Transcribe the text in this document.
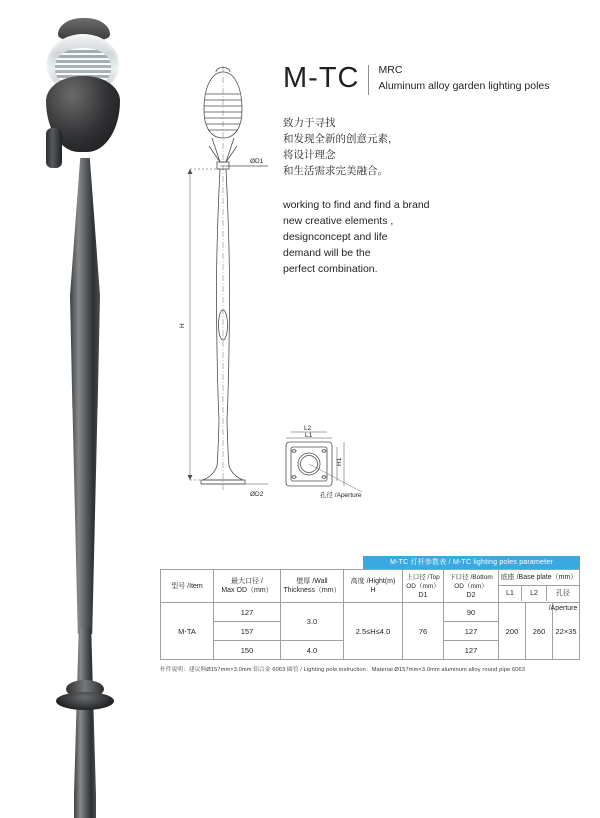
ØD1
ØD2
H
L2
L1
H1
孔径 /Aperture
M-TC MRC
Aluminum alloy garden lighting poles
致力于寻找
和发现全新的创意元素，
将设计理念
和生活需求完美融合。
working to find and find a brand
new creative elements ,
designconcept and life
demand will be the
perfect combination.
M-TC 灯杆参数表 / M-TC lighting poles parameter
型号 /Item	
最大口径 /
Max OD（mm）

壁厚 /Wall
Thickness（mm）

高度 /Hight(m)
H

上口径 /Top
OD（mm）
D1

下口径 /Bottom
OD（mm）
D2

底座 /Base plate（mm）
L1	L2	孔径 /Aperture

M-TA	127	3.0	2.5≤H≤4.0	76	90	200	260	22×35
	157				127			
	150	4.0			127			
杆件说明：建议料Ø157mm×3.0mm 铝合金 6063 圆管 / Lighting pole instruction：Material Ø157mm×3.0mm aluminum alloy round pipe 6063
